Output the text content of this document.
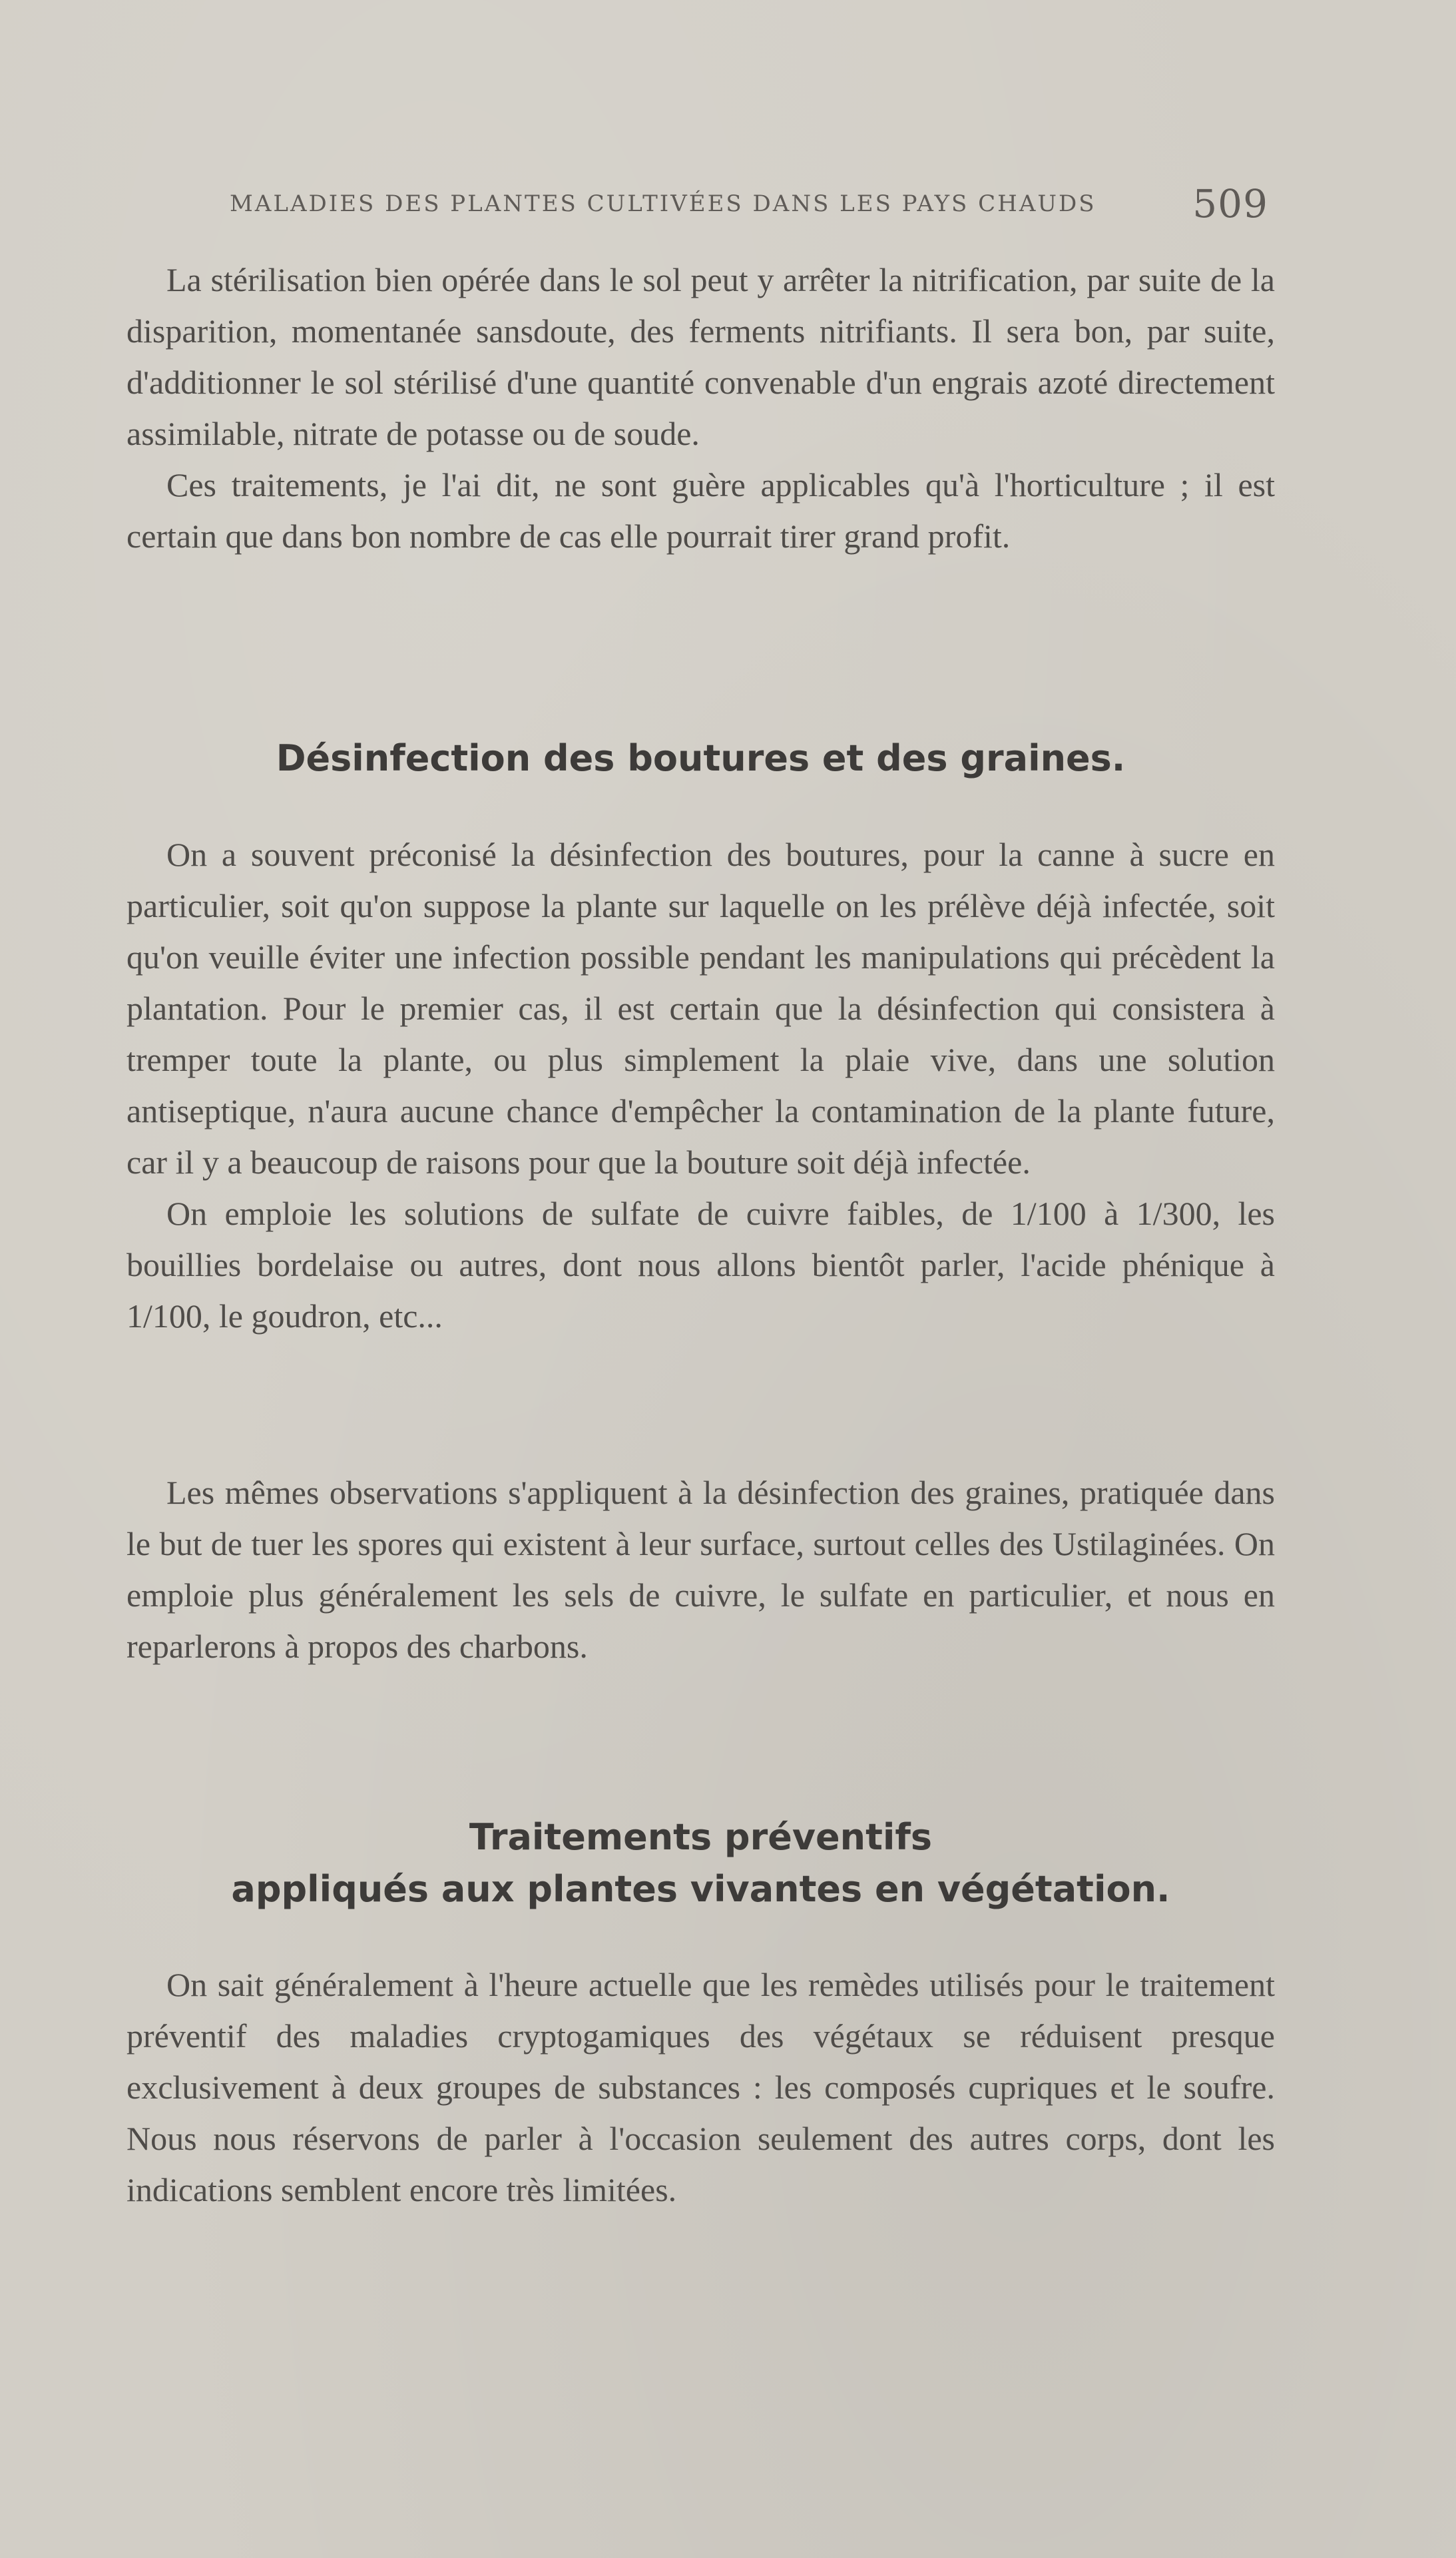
MALADIES DES PLANTES CULTIVÉES DANS LES PAYS CHAUDS 509

La stérilisation bien opérée dans le sol peut y arrêter la nitrification, par suite de la disparition, momentanée sansdoute, des ferments nitrifiants. Il sera bon, par suite, d'additionner le sol stérilisé d'une quantité convenable d'un engrais azoté directement assimilable, nitrate de potasse ou de soude.

Ces traitements, je l'ai dit, ne sont guère applicables qu'à l'horticulture ; il est certain que dans bon nombre de cas elle pourrait tirer grand profit.

Désinfection des boutures et des graines.

On a souvent préconisé la désinfection des boutures, pour la canne à sucre en particulier, soit qu'on suppose la plante sur laquelle on les prélève déjà infectée, soit qu'on veuille éviter une infection possible pendant les manipulations qui précèdent la plantation. Pour le premier cas, il est certain que la désinfection qui consistera à tremper toute la plante, ou plus simplement la plaie vive, dans une solution antiseptique, n'aura aucune chance d'empêcher la contamination de la plante future, car il y a beaucoup de raisons pour que la bouture soit déjà infectée.

On emploie les solutions de sulfate de cuivre faibles, de 1/100 à 1/300, les bouillies bordelaise ou autres, dont nous allons bientôt parler, l'acide phénique à 1/100, le goudron, etc...

Les mêmes observations s'appliquent à la désinfection des graines, pratiquée dans le but de tuer les spores qui existent à leur surface, surtout celles des Ustilaginées. On emploie plus généralement les sels de cuivre, le sulfate en particulier, et nous en reparlerons à propos des charbons.

Traitements préventifs
appliqués aux plantes vivantes en végétation.

On sait généralement à l'heure actuelle que les remèdes utilisés pour le traitement préventif des maladies cryptogamiques des végétaux se réduisent presque exclusivement à deux groupes de substances : les composés cupriques et le soufre. Nous nous réservons de parler à l'occasion seulement des autres corps, dont les indications semblent encore très limitées.
